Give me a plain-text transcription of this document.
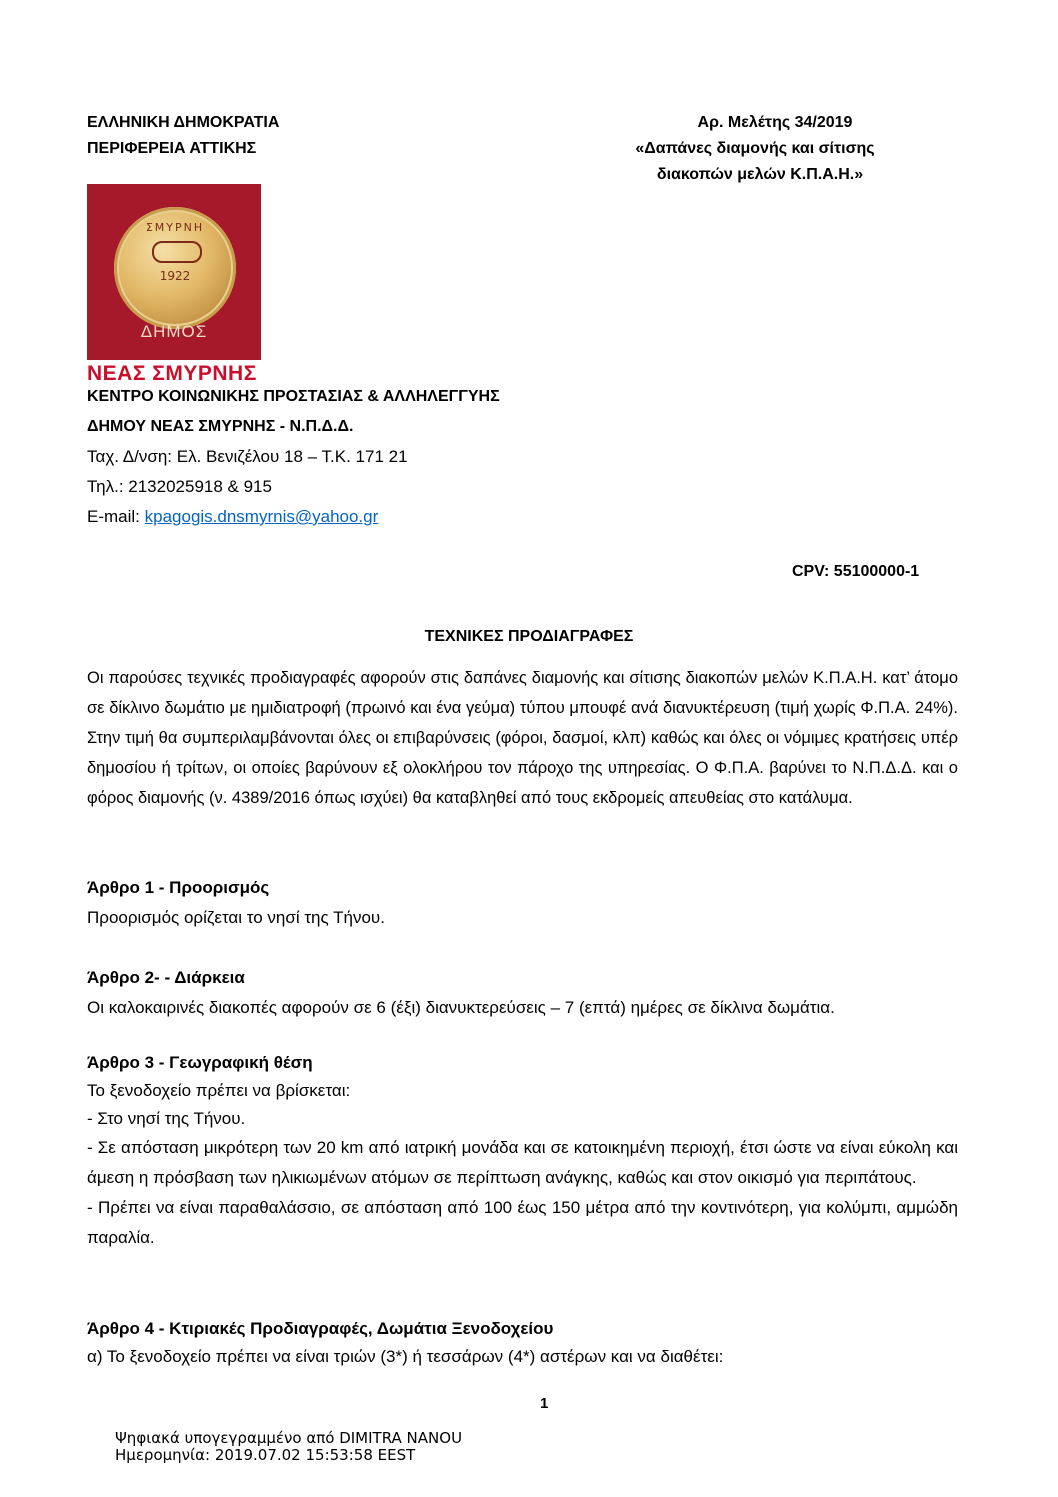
ΕΛΛΗΝΙΚΗ ΔΗΜΟΚΡΑΤΙΑ
ΠΕΡΙΦΕΡΕΙΑ ΑΤΤΙΚΗΣ
Αρ. Μελέτης 34/2019
«Δαπάνες διαμονής και σίτισης
διακοπών μελών Κ.Π.Α.Η.»
ΣΜΥΡΝΗ
1922
ΔΗΜΟΣ
ΝΕΑΣ ΣΜΥΡΝΗΣ
ΚΕΝΤΡΟ ΚΟΙΝΩΝΙΚΗΣ ΠΡΟΣΤΑΣΙΑΣ & ΑΛΛΗΛΕΓΓΥΗΣ
ΔΗΜΟΥ ΝΕΑΣ ΣΜΥΡΝΗΣ - Ν.Π.Δ.Δ.
Ταχ. Δ/νση: Ελ. Βενιζέλου 18 – Τ.Κ. 171 21
Τηλ.: 2132025918 & 915
E-mail: kpagogis.dnsmyrnis@yahoo.gr
CPV: 55100000-1
ΤΕΧΝΙΚΕΣ ΠΡΟΔΙΑΓΡΑΦΕΣ
Οι παρούσες τεχνικές προδιαγραφές αφορούν στις δαπάνες διαμονής και σίτισης διακοπών μελών Κ.Π.Α.Η. κατ’ άτομο σε δίκλινο δωμάτιο με ημιδιατροφή (πρωινό και ένα γεύμα) τύπου μπουφέ ανά διανυκτέρευση (τιμή χωρίς Φ.Π.Α. 24%). Στην τιμή θα συμπεριλαμβάνονται όλες οι επιβαρύνσεις (φόροι, δασμοί, κλπ) καθώς και όλες οι νόμιμες κρατήσεις υπέρ δημοσίου ή τρίτων, οι οποίες βαρύνουν εξ ολοκλήρου τον πάροχο της υπηρεσίας. Ο Φ.Π.Α. βαρύνει το Ν.Π.Δ.Δ. και ο φόρος διαμονής (ν. 4389/2016 όπως ισχύει) θα καταβληθεί από τους εκδρομείς απευθείας στο κατάλυμα.
Άρθρο 1 - Προορισμός
Προορισμός ορίζεται το νησί της Τήνου.
Άρθρο 2- - Διάρκεια
Οι καλοκαιρινές διακοπές αφορούν σε 6 (έξι) διανυκτερεύσεις – 7 (επτά) ημέρες σε δίκλινα δωμάτια.
Άρθρο 3 - Γεωγραφική θέση
Το ξενοδοχείο πρέπει να βρίσκεται:
- Στο νησί της Τήνου.
- Σε απόσταση μικρότερη των 20 km από ιατρική μονάδα και σε κατοικημένη περιοχή, έτσι ώστε να είναι εύκολη και άμεση η πρόσβαση των ηλικιωμένων ατόμων σε περίπτωση ανάγκης, καθώς και στον οικισμό για περιπάτους.
- Πρέπει να είναι παραθαλάσσιο, σε απόσταση από 100 έως 150 μέτρα από την κοντινότερη, για κολύμπι, αμμώδη παραλία.
Άρθρο 4 - Κτιριακές Προδιαγραφές, Δωμάτια Ξενοδοχείου
α) Το ξενοδοχείο πρέπει να είναι τριών (3*) ή τεσσάρων (4*) αστέρων και να διαθέτει:
1
Ψηφιακά υπογεγραμμένο από DIMITRA NANOU
Ημερομηνία: 2019.07.02 15:53:58 EEST
